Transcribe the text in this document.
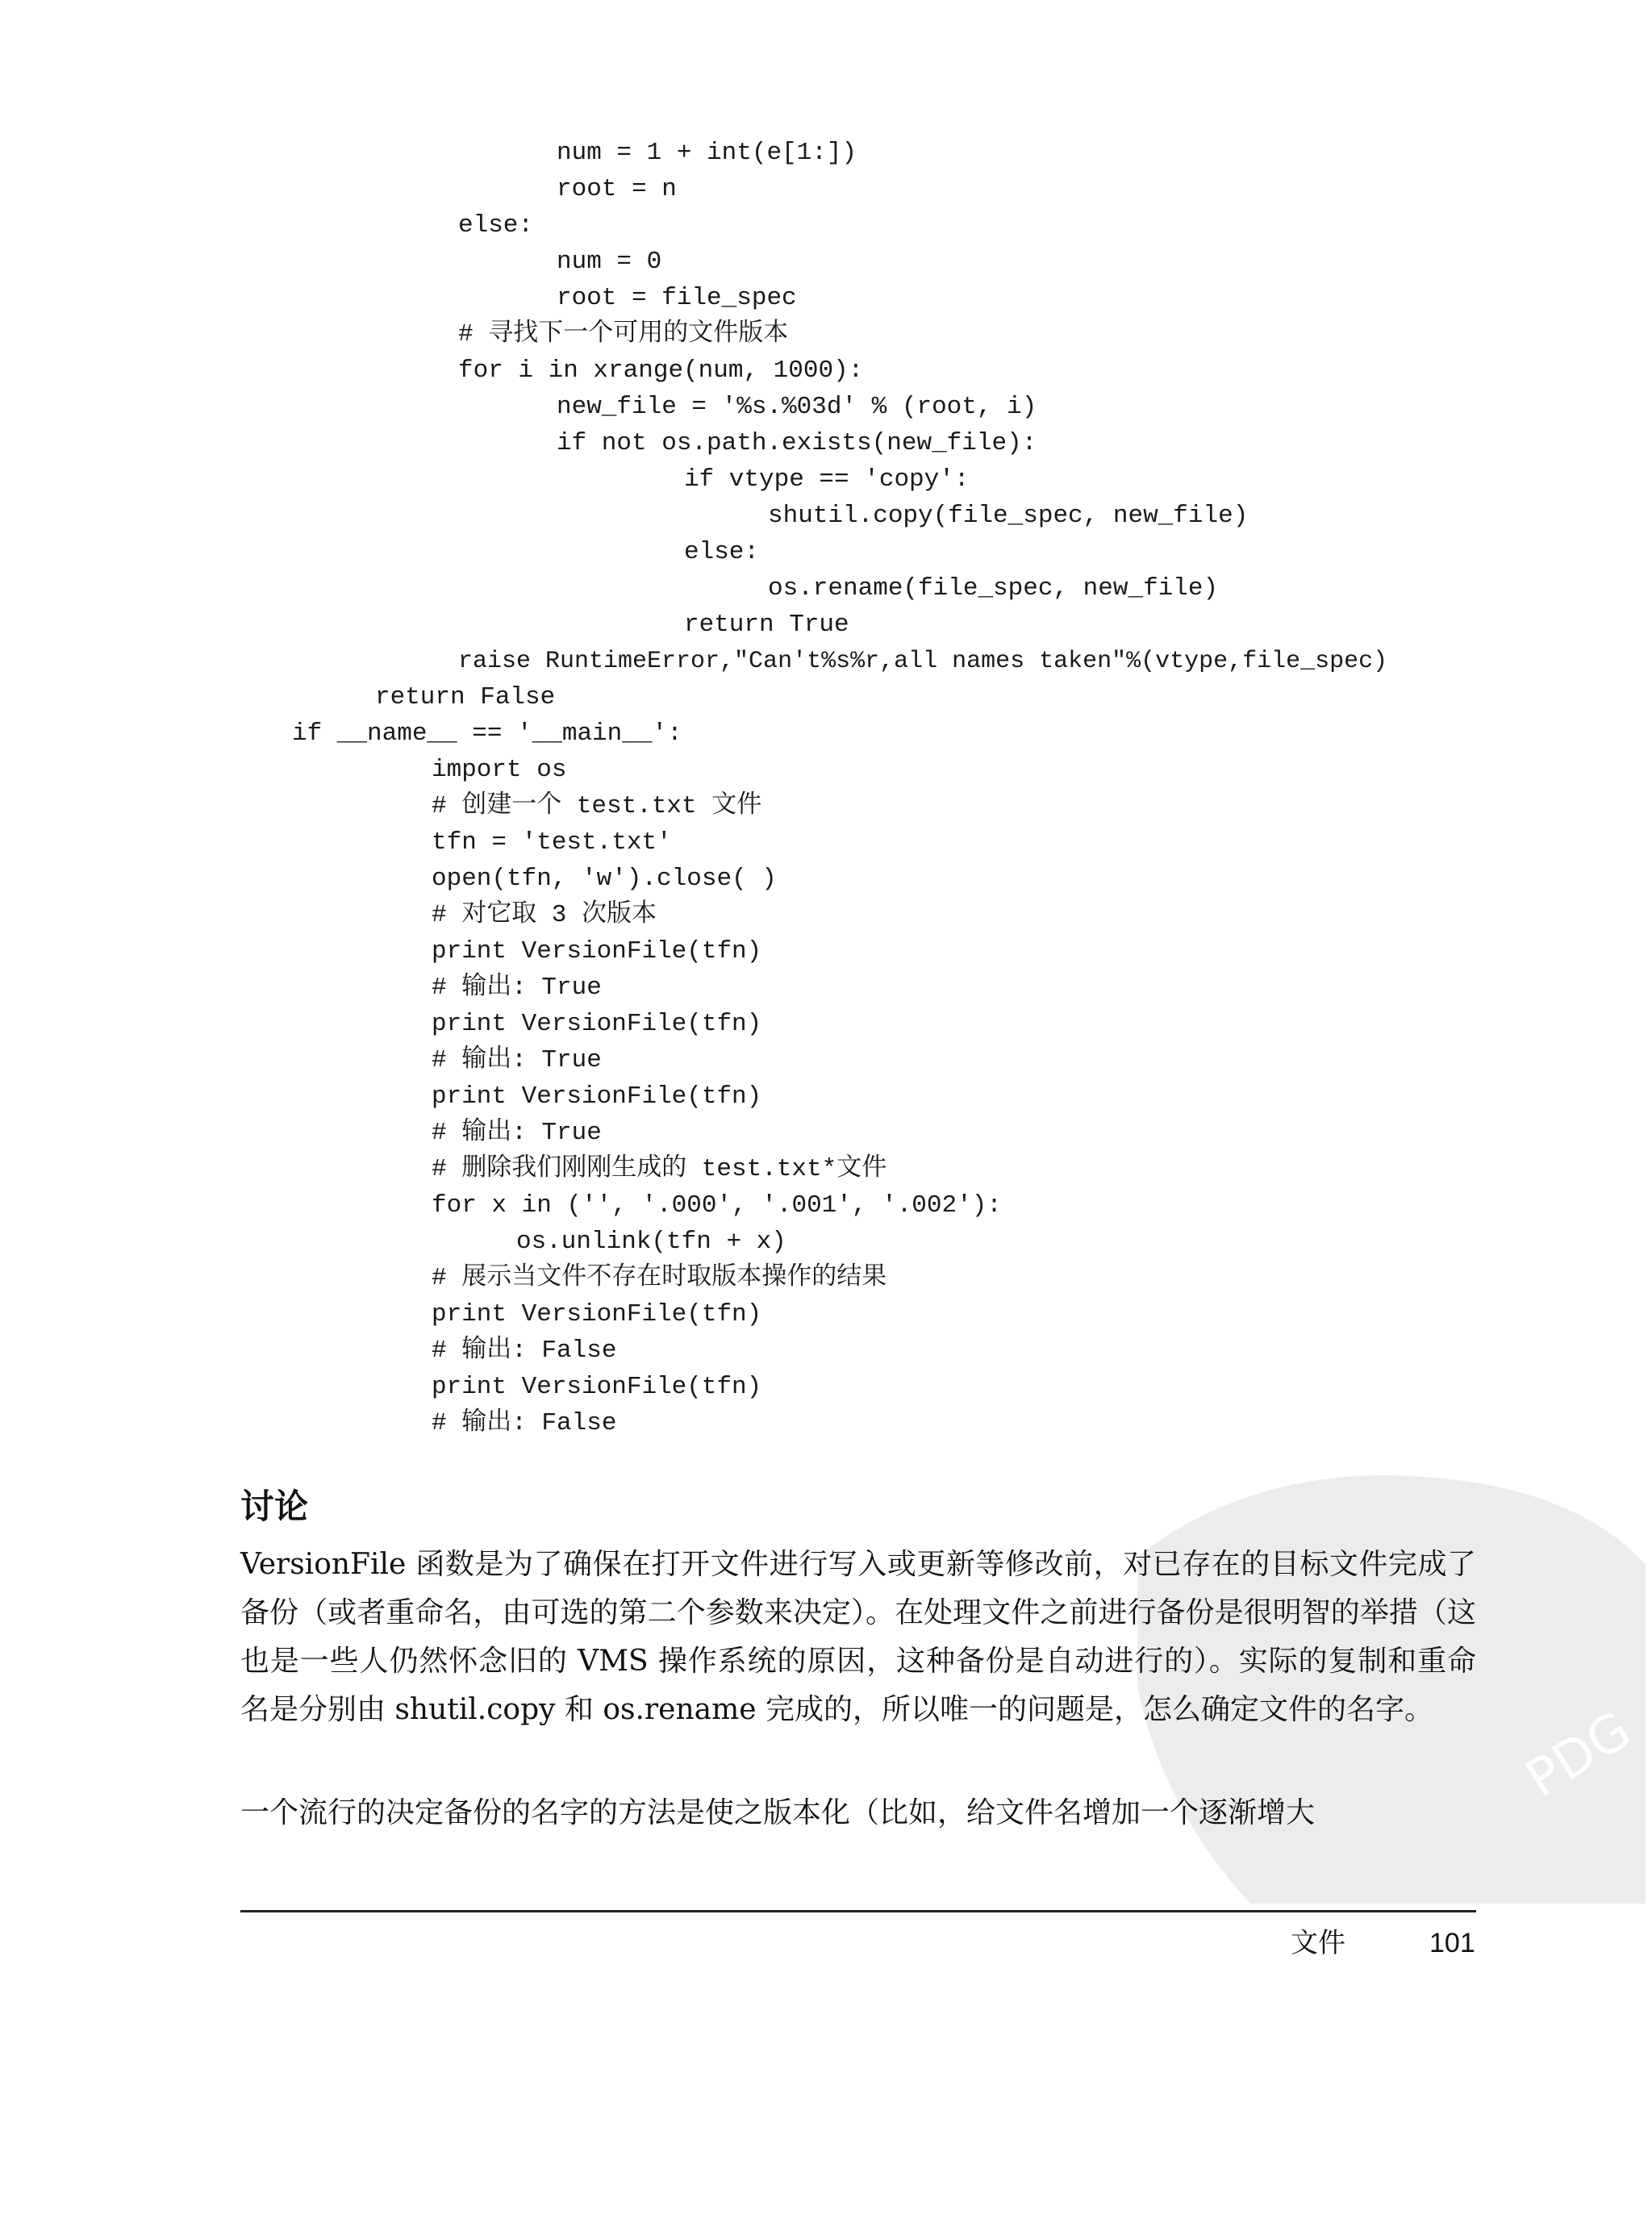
num = 1 + int(e[1:])
root = n
else:
num = 0
root = file_spec
# 寻找下一个可用的文件版本
for i in xrange(num, 1000):
new_file = '%s.%03d' % (root, i)
if not os.path.exists(new_file):
if vtype == 'copy':
shutil.copy(file_spec, new_file)
else:
os.rename(file_spec, new_file)
return True
raise RuntimeError,"Can't%s%r,all names taken"%(vtype,file_spec)
return False
if __name__ == '__main__':
import os
# 创建一个 test.txt 文件
tfn = 'test.txt'
open(tfn, 'w').close( )
# 对它取 3 次版本
print VersionFile(tfn)
# 输出: True
print VersionFile(tfn)
# 输出: True
print VersionFile(tfn)
# 输出: True
# 删除我们刚刚生成的 test.txt*文件
for x in ('', '.000', '.001', '.002'):
os.unlink(tfn + x)
# 展示当文件不存在时取版本操作的结果
print VersionFile(tfn)
# 输出: False
print VersionFile(tfn)
# 输出: False
PDG
讨论

VersionFile 函数是为了确保在打开文件进行写入或更新等修改前，对已存在的目标文件完成了备份（或者重命名，由可选的第二个参数来决定）。在处理文件之前进行备份是很明智的举措（这也是一些人仍然怀念旧的 VMS 操作系统的原因，这种备份是自动进行的）。实际的复制和重命名是分别由 shutil.copy 和 os.rename 完成的，所以唯一的问题是，怎么确定文件的名字。

一个流行的决定备份的名字的方法是使之版本化（比如，给文件名增加一个逐渐增大

文件	101
